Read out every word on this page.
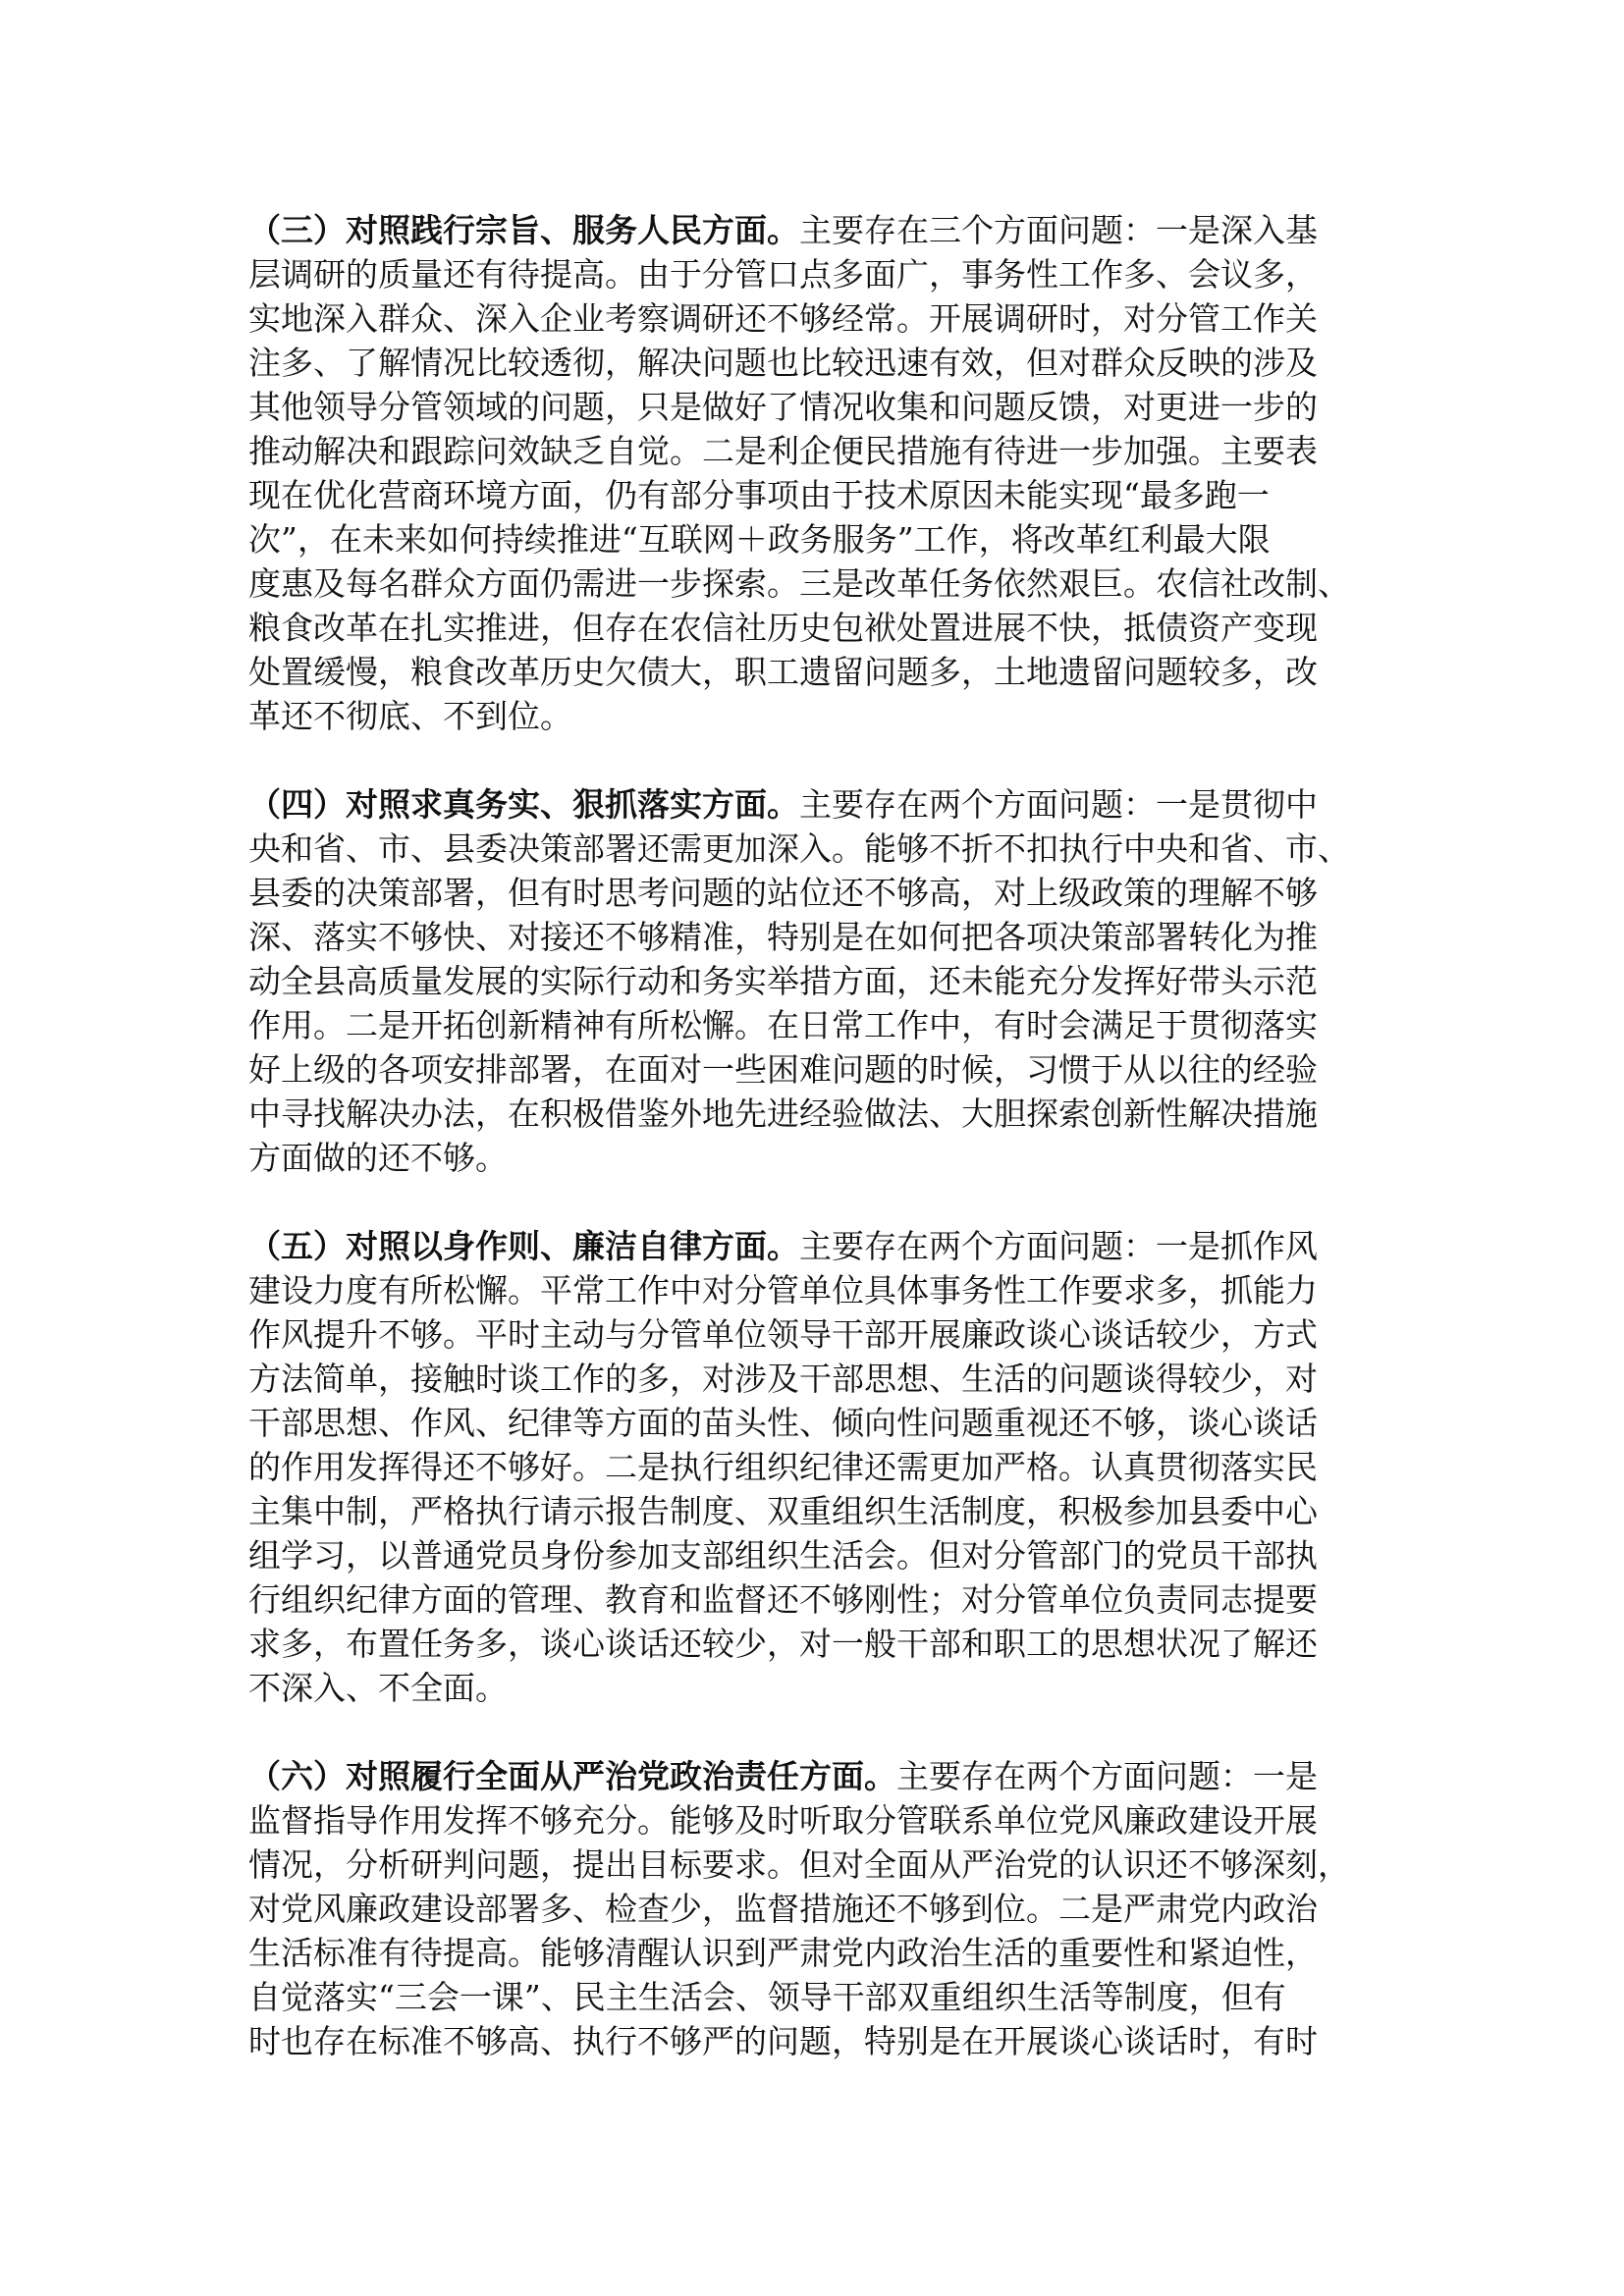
（三）对照践行宗旨、服务人民方面。主要存在三个方面问题：一是深入基
层调研的质量还有待提高。由于分管口点多面广，事务性工作多、会议多，
实地深入群众、深入企业考察调研还不够经常。开展调研时，对分管工作关
注多、了解情况比较透彻，解决问题也比较迅速有效，但对群众反映的涉及
其他领导分管领域的问题，只是做好了情况收集和问题反馈，对更进一步的
推动解决和跟踪问效缺乏自觉。二是利企便民措施有待进一步加强。主要表
现在优化营商环境方面，仍有部分事项由于技术原因未能实现“最多跑一
次”，在未来如何持续推进“互联网＋政务服务”工作，将改革红利最大限
度惠及每名群众方面仍需进一步探索。三是改革任务依然艰巨。农信社改制、
粮食改革在扎实推进，但存在农信社历史包袱处置进展不快，抵债资产变现
处置缓慢，粮食改革历史欠债大，职工遗留问题多，土地遗留问题较多，改
革还不彻底、不到位。
（四）对照求真务实、狠抓落实方面。主要存在两个方面问题：一是贯彻中
央和省、市、县委决策部署还需更加深入。能够不折不扣执行中央和省、市、
县委的决策部署，但有时思考问题的站位还不够高，对上级政策的理解不够
深、落实不够快、对接还不够精准，特别是在如何把各项决策部署转化为推
动全县高质量发展的实际行动和务实举措方面，还未能充分发挥好带头示范
作用。二是开拓创新精神有所松懈。在日常工作中，有时会满足于贯彻落实
好上级的各项安排部署，在面对一些困难问题的时候，习惯于从以往的经验
中寻找解决办法，在积极借鉴外地先进经验做法、大胆探索创新性解决措施
方面做的还不够。
（五）对照以身作则、廉洁自律方面。主要存在两个方面问题：一是抓作风
建设力度有所松懈。平常工作中对分管单位具体事务性工作要求多，抓能力
作风提升不够。平时主动与分管单位领导干部开展廉政谈心谈话较少，方式
方法简单，接触时谈工作的多，对涉及干部思想、生活的问题谈得较少，对
干部思想、作风、纪律等方面的苗头性、倾向性问题重视还不够，谈心谈话
的作用发挥得还不够好。二是执行组织纪律还需更加严格。认真贯彻落实民
主集中制，严格执行请示报告制度、双重组织生活制度，积极参加县委中心
组学习，以普通党员身份参加支部组织生活会。但对分管部门的党员干部执
行组织纪律方面的管理、教育和监督还不够刚性；对分管单位负责同志提要
求多，布置任务多，谈心谈话还较少，对一般干部和职工的思想状况了解还
不深入、不全面。
（六）对照履行全面从严治党政治责任方面。主要存在两个方面问题：一是
监督指导作用发挥不够充分。能够及时听取分管联系单位党风廉政建设开展
情况，分析研判问题，提出目标要求。但对全面从严治党的认识还不够深刻，
对党风廉政建设部署多、检查少，监督措施还不够到位。二是严肃党内政治
生活标准有待提高。能够清醒认识到严肃党内政治生活的重要性和紧迫性，
自觉落实“三会一课”、民主生活会、领导干部双重组织生活等制度，但有
时也存在标准不够高、执行不够严的问题，特别是在开展谈心谈话时，有时
